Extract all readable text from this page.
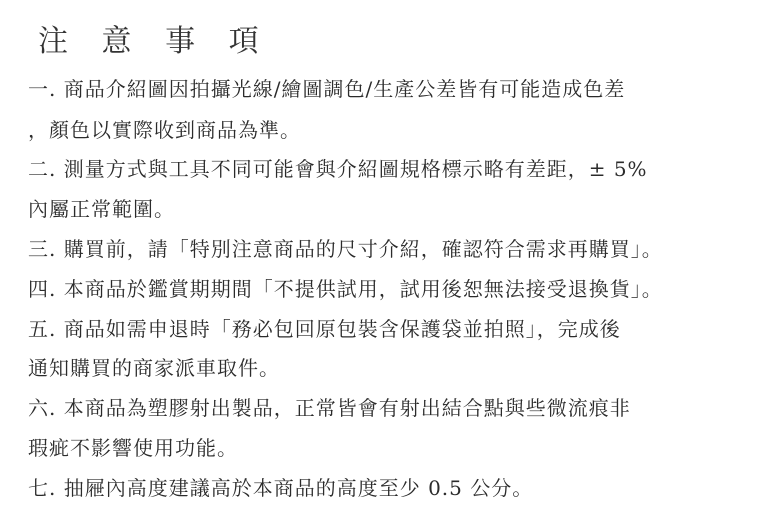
注 意 事 項
一. 商品介紹圖因拍攝光線/繪圖調色/生產公差皆有可能造成色差
，顏色以實際收到商品為準。
二. 測量方式與工具不同可能會與介紹圖規格標示略有差距，± 5%
內屬正常範圍。
三. 購買前，請「特別注意商品的尺寸介紹，確認符合需求再購買」。
四. 本商品於鑑賞期期間「不提供試用，試用後恕無法接受退換貨」。
五. 商品如需申退時「務必包回原包裝含保護袋並拍照」，完成後
通知購買的商家派車取件。
六. 本商品為塑膠射出製品，正常皆會有射出結合點與些微流痕非
瑕疵不影響使用功能。
七. 抽屜內高度建議高於本商品的高度至少 0.5 公分。
